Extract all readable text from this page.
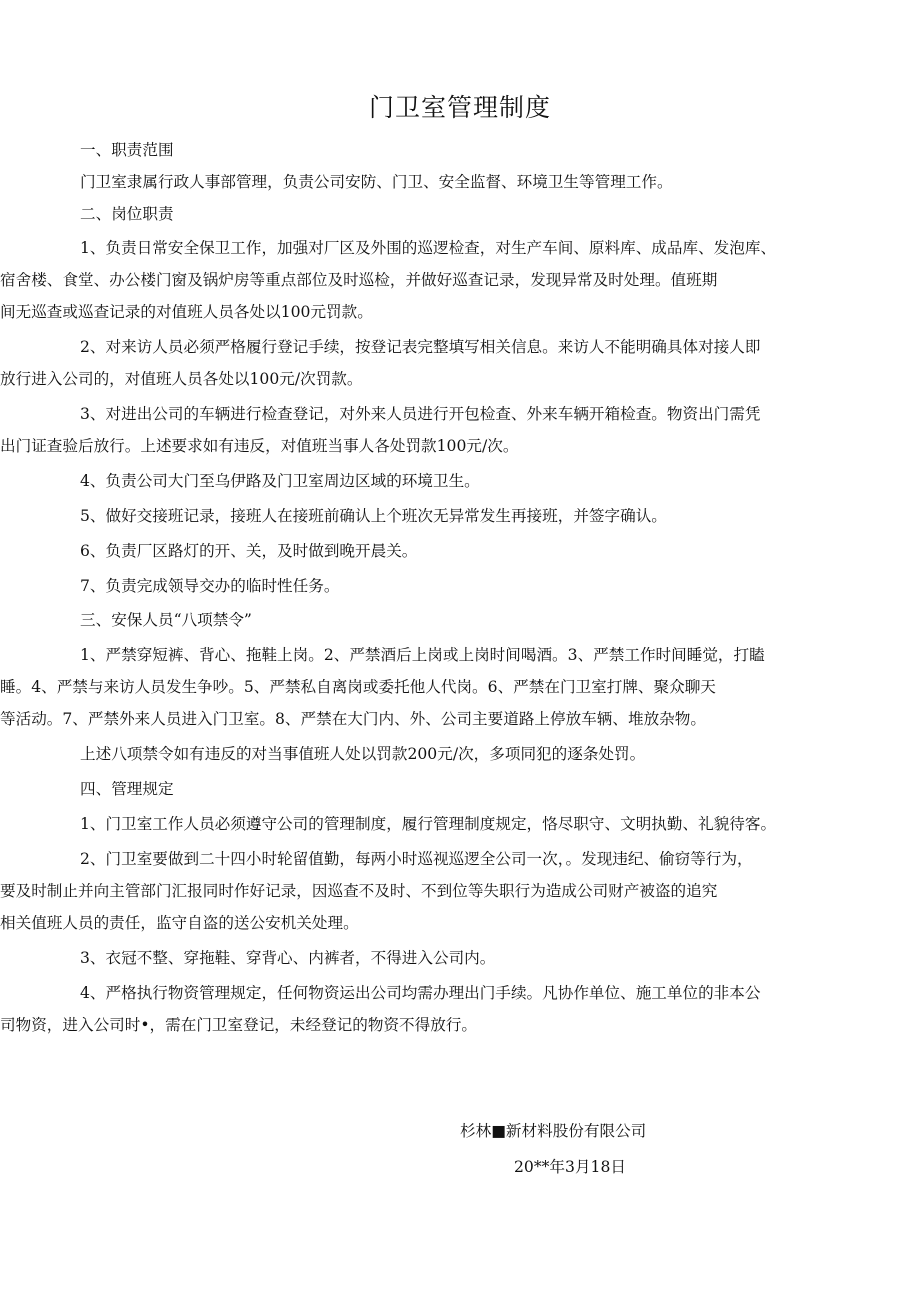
门卫室管理制度
一、职责范围
门卫室隶属行政人事部管理，负责公司安防、门卫、安全监督、环境卫生等管理工作。
二、岗位职责
1、负责日常安全保卫工作，加强对厂区及外围的巡逻检查，对生产车间、原料库、成品库、发泡库、
宿舍楼、食堂、办公楼门窗及锅炉房等重点部位及时巡检，并做好巡查记录，发现异常及时处理。值班期
间无巡查或巡查记录的对值班人员各处以100元罚款。
2、对来访人员必须严格履行登记手续，按登记表完整填写相关信息。来访人不能明确具体对接人即
放行进入公司的，对值班人员各处以100元/次罚款。
3、对进出公司的车辆进行检查登记，对外来人员进行开包检查、外来车辆开箱检查。物资出门需凭
出门证查验后放行。上述要求如有违反，对值班当事人各处罚款100元/次。
4、负责公司大门至乌伊路及门卫室周边区域的环境卫生。
5、做好交接班记录，接班人在接班前确认上个班次无异常发生再接班，并签字确认。
6、负责厂区路灯的开、关，及时做到晚开晨关。
7、负责完成领导交办的临时性任务。
三、安保人员“八项禁令”
1、严禁穿短裤、背心、拖鞋上岗。2、严禁酒后上岗或上岗时间喝酒。3、严禁工作时间睡觉，打瞌
睡。4、严禁与来访人员发生争吵。5、严禁私自离岗或委托他人代岗。6、严禁在门卫室打牌、聚众聊天
等活动。7、严禁外来人员进入门卫室。8、严禁在大门内、外、公司主要道路上停放车辆、堆放杂物。
上述八项禁令如有违反的对当事值班人处以罚款200元/次，多项同犯的逐条处罚。
四、管理规定
1、门卫室工作人员必须遵守公司的管理制度，履行管理制度规定，恪尽职守、文明执勤、礼貌待客。
2、门卫室要做到二十四小时轮留值勤，每两小时巡视巡逻全公司一次，。发现违纪、偷窃等行为，
要及时制止并向主管部门汇报同时作好记录，因巡查不及时、不到位等失职行为造成公司财产被盗的追究
相关值班人员的责任，监守自盗的送公安机关处理。
3、衣冠不整、穿拖鞋、穿背心、内裤者，不得进入公司内。
4、严格执行物资管理规定，任何物资运出公司均需办理出门手续。凡协作单位、施工单位的非本公
司物资，进入公司时•，需在门卫室登记，未经登记的物资不得放行。
杉林■新材料股份有限公司
20**年3月18日
